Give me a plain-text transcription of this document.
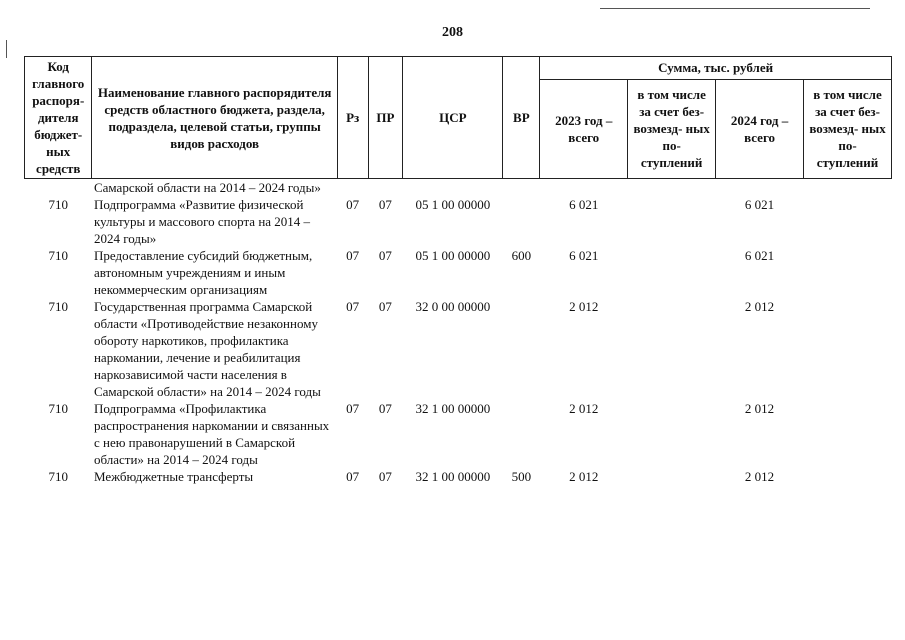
208
Код главного распоря- дителя бюджет- ных средств	Наименование главного распорядителя средств областного бюджета, раздела, подраздела, целевой статьи, группы видов расходов	Рз	ПР	ЦСР	ВР	Сумма, тыс. рублей			
						2023 год – всего	в том числе за счет без- возмезд- ных по- ступлений	2024 год – всего	в том числе за счет без- возмезд- ных по- ступлений
	Самарской области на 2014 – 2024 годы»								
710	Подпрограмма «Развитие физической культуры и массового спорта на 2014 – 2024 годы»	07	07	05 1 00 00000		6 021		6 021	
710	Предоставление субсидий бюджетным, автономным учреждениям и иным некоммерческим организациям	07	07	05 1 00 00000	600	6 021		6 021	
710	Государственная программа Самарской области «Противодействие незаконному обороту наркотиков, профилактика наркомании, лечение и реабилитация наркозависимой части населения в Самарской области» на 2014 – 2024 годы	07	07	32 0 00 00000		2 012		2 012	
710	Подпрограмма «Профилактика распространения наркомании и связанных с нею правонарушений в Самарской области» на 2014 – 2024 годы	07	07	32 1 00 00000		2 012		2 012	
710	Межбюджетные трансферты	07	07	32 1 00 00000	500	2 012		2 012	
